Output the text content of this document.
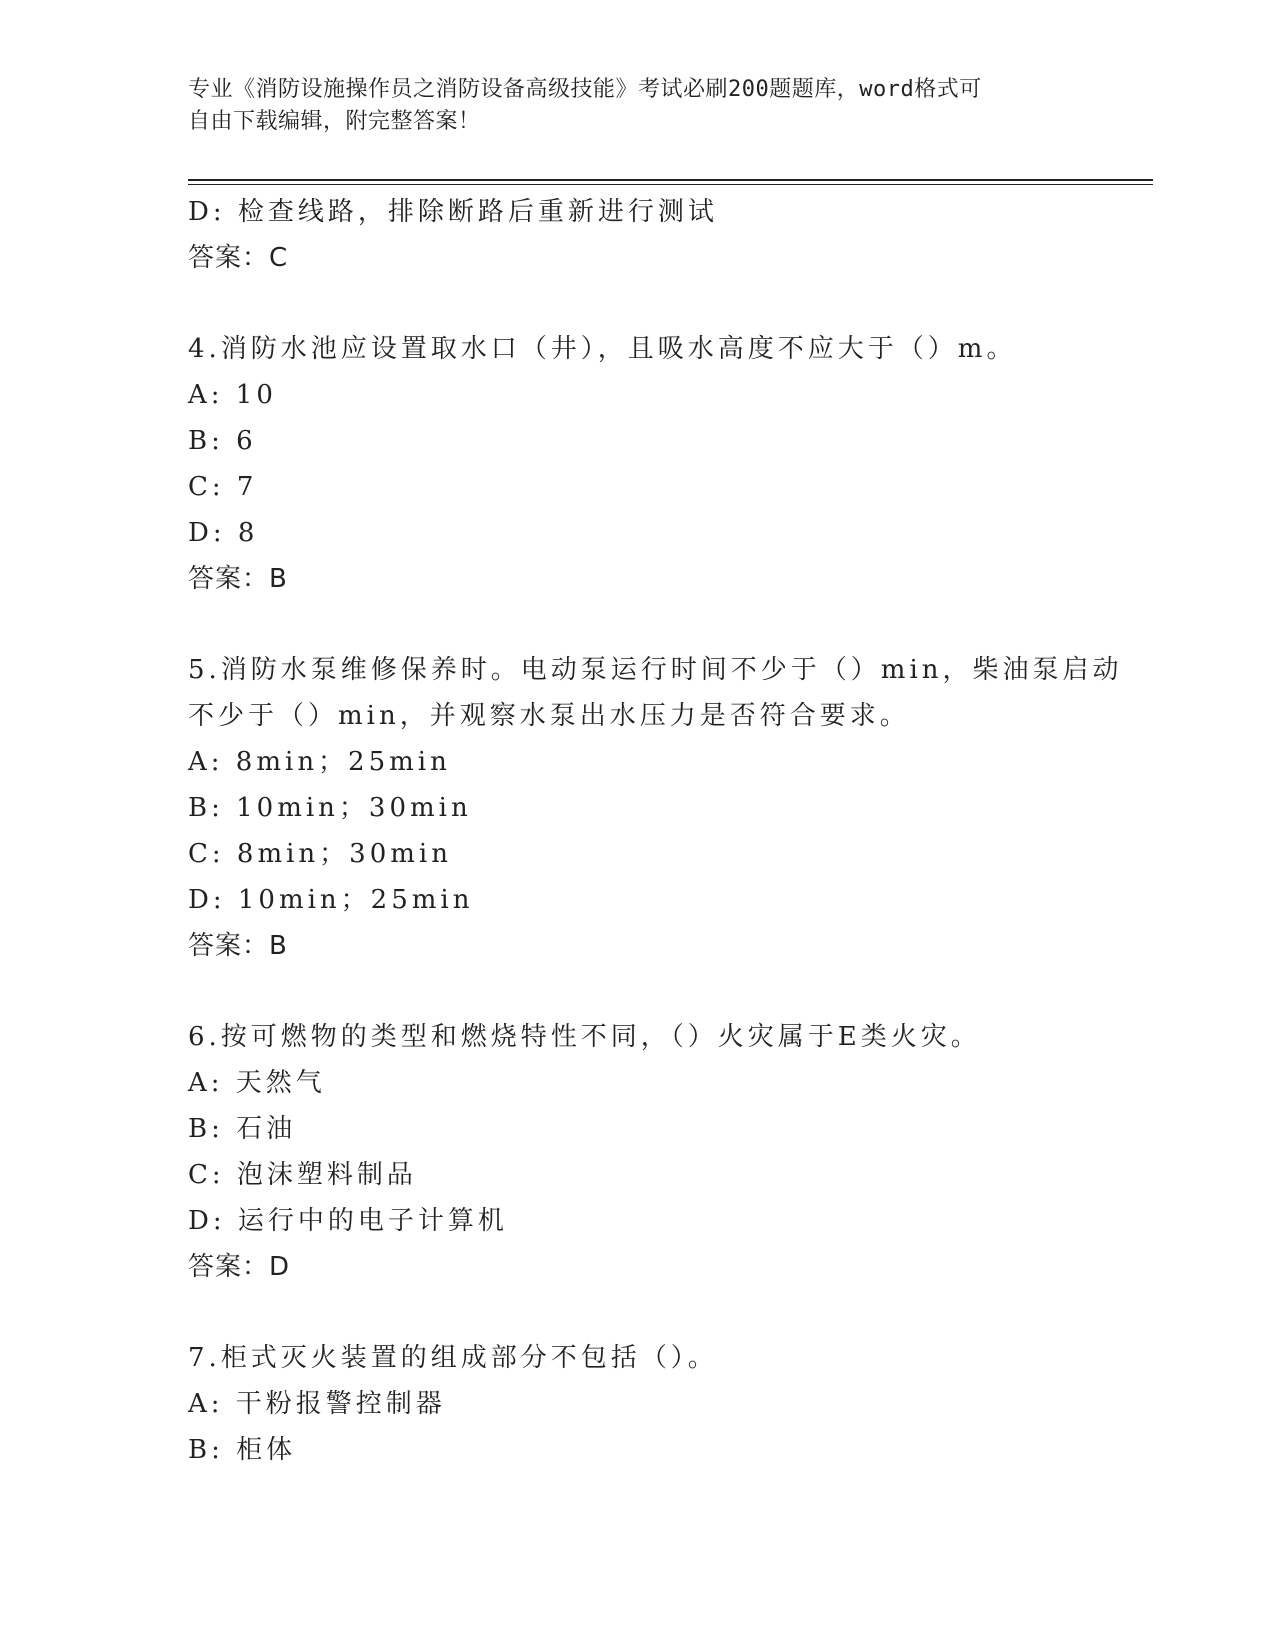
专业《消防设施操作员之消防设备高级技能》考试必刷200题题库，word格式可
自由下载编辑，附完整答案！
D: 检查线路，排除断路后重新进行测试
答案：C
4.消防水池应设置取水口（井），且吸水高度不应大于（）m。
A: 10
B: 6
C: 7
D: 8
答案：B
5.消防水泵维修保养时。电动泵运行时间不少于（）min，柴油泵启动
不少于（）min，并观察水泵出水压力是否符合要求。
A: 8min；25min
B: 10min；30min
C: 8min；30min
D: 10min；25min
答案：B
6.按可燃物的类型和燃烧特性不同，（）火灾属于E类火灾。
A: 天然气
B: 石油
C: 泡沫塑料制品
D: 运行中的电子计算机
答案：D
7.柜式灭火装置的组成部分不包括（）。
A: 干粉报警控制器
B: 柜体
